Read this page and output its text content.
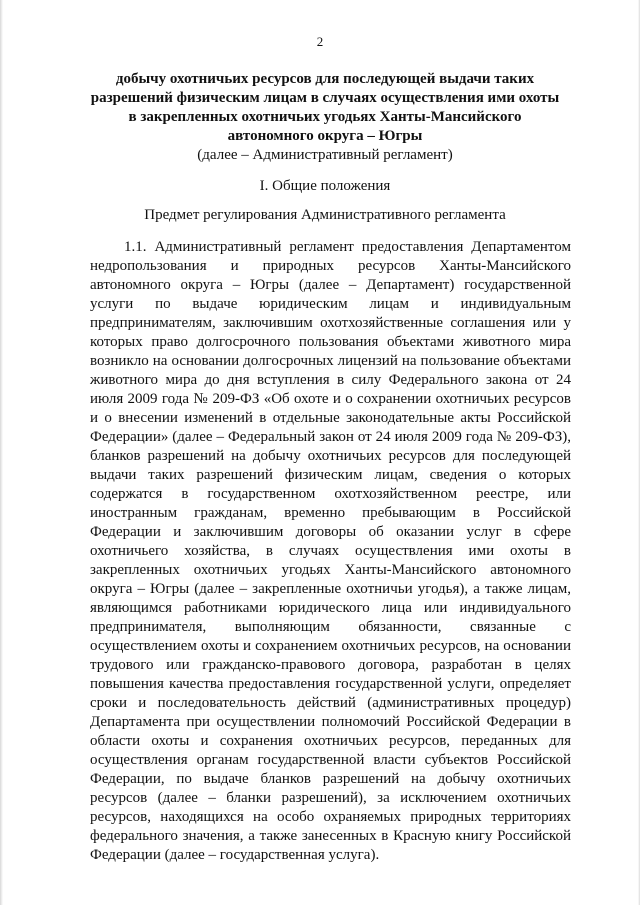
2
добычу охотничьих ресурсов для последующей выдачи таких разрешений физическим лицам в случаях осуществления ими охоты в закрепленных охотничьих угодьях Ханты-Мансийского автономного округа – Югры
(далее – Административный регламент)
I. Общие положения
Предмет регулирования Административного регламента

1.1. Административный регламент предоставления Департаментом недропользования и природных ресурсов Ханты-Мансийского автономного округа – Югры (далее – Департамент) государственной услуги по выдаче юридическим лицам и индивидуальным предпринимателям, заключившим охотхозяйственные соглашения или у которых право долгосрочного пользования объектами животного мира возникло на основании долгосрочных лицензий на пользование объектами животного мира до дня вступления в силу Федерального закона от 24 июля 2009 года № 209-ФЗ «Об охоте и о сохранении охотничьих ресурсов и о внесении изменений в отдельные законодательные акты Российской Федерации» (далее – Федеральный закон от 24 июля 2009 года № 209-ФЗ), бланков разрешений на добычу охотничьих ресурсов для последующей выдачи таких разрешений физическим лицам, сведения о которых содержатся в государственном охотхозяйственном реестре, или иностранным гражданам, временно пребывающим в Российской Федерации и заключившим договоры об оказании услуг в сфере охотничьего хозяйства, в случаях осуществления ими охоты в закрепленных охотничьих угодьях Ханты-Мансийского автономного округа – Югры (далее – закрепленные охотничьи угодья), а также лицам, являющимся работниками юридического лица или индивидуального предпринимателя, выполняющим обязанности, связанные с осуществлением охоты и сохранением охотничьих ресурсов, на основании трудового или гражданско-правового договора, разработан в целях повышения качества предоставления государственной услуги, определяет сроки и последовательность действий (административных процедур) Департамента при осуществлении полномочий Российской Федерации в области охоты и сохранения охотничьих ресурсов, переданных для осуществления органам государственной власти субъектов Российской Федерации, по выдаче бланков разрешений на добычу охотничьих ресурсов (далее – бланки разрешений), за исключением охотничьих ресурсов, находящихся на особо охраняемых природных территориях федерального значения, а также занесенных в Красную книгу Российской Федерации (далее – государственная услуга).
